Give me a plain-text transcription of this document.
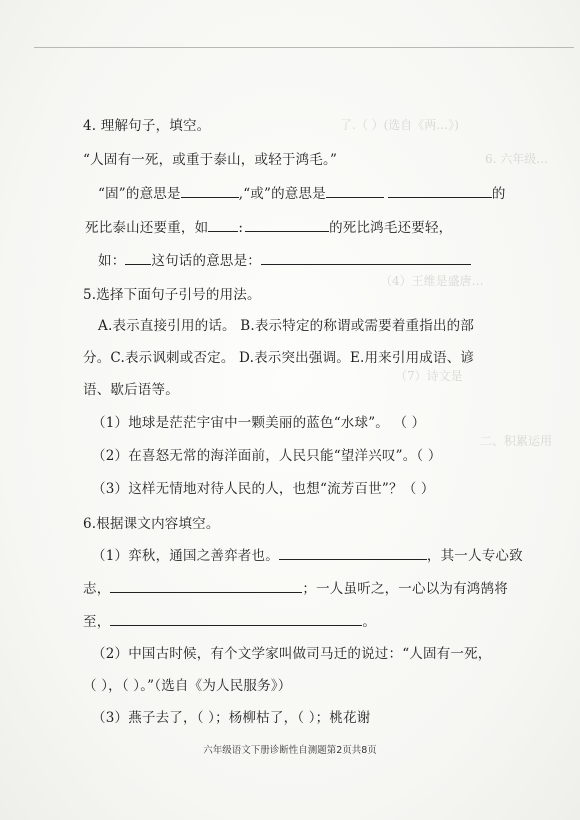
了.（ ）(选自《两…》)
6. 六年级…
（4）王维是盛唐…
（7）诗文是
二、积累运用
4. 理解句子，填空。
“人固有一死，或重于泰山，或轻于鸿毛。”
“固”的意思是	,“或”的意思是	的
死比泰山还要重，如 :	的死比鸿毛还要轻，
如： 这句话的意思是：
5.选择下面句子引号的用法。
A.表示直接引用的话。 B.表示特定的称谓或需要着重指出的部
分。C.表示讽刺或否定。 D.表示突出强调。E.用来引用成语、谚
语、歇后语等。
（1）地球是茫茫宇宙中一颗美丽的蓝色“水球”。 （ ）
（2）在喜怒无常的海洋面前，人民只能“望洋兴叹”。（ ）
（3）这样无情地对待人民的人，也想“流芳百世”？（ ）
6.根据课文内容填空。
（1）弈秋，通国之善弈者也。	，其一人专心致
志，	；一人虽听之，一心以为有鸿鹄将
至，	。
（2）中国古时候，有个文学家叫做司马迁的说过：“人固有一死，
（ ），（ ）。”（选自《为人民服务》）
（3）燕子去了，（ ）；杨柳枯了，（ ）；桃花谢
六年级语文下册诊断性自测题第2页共8页
